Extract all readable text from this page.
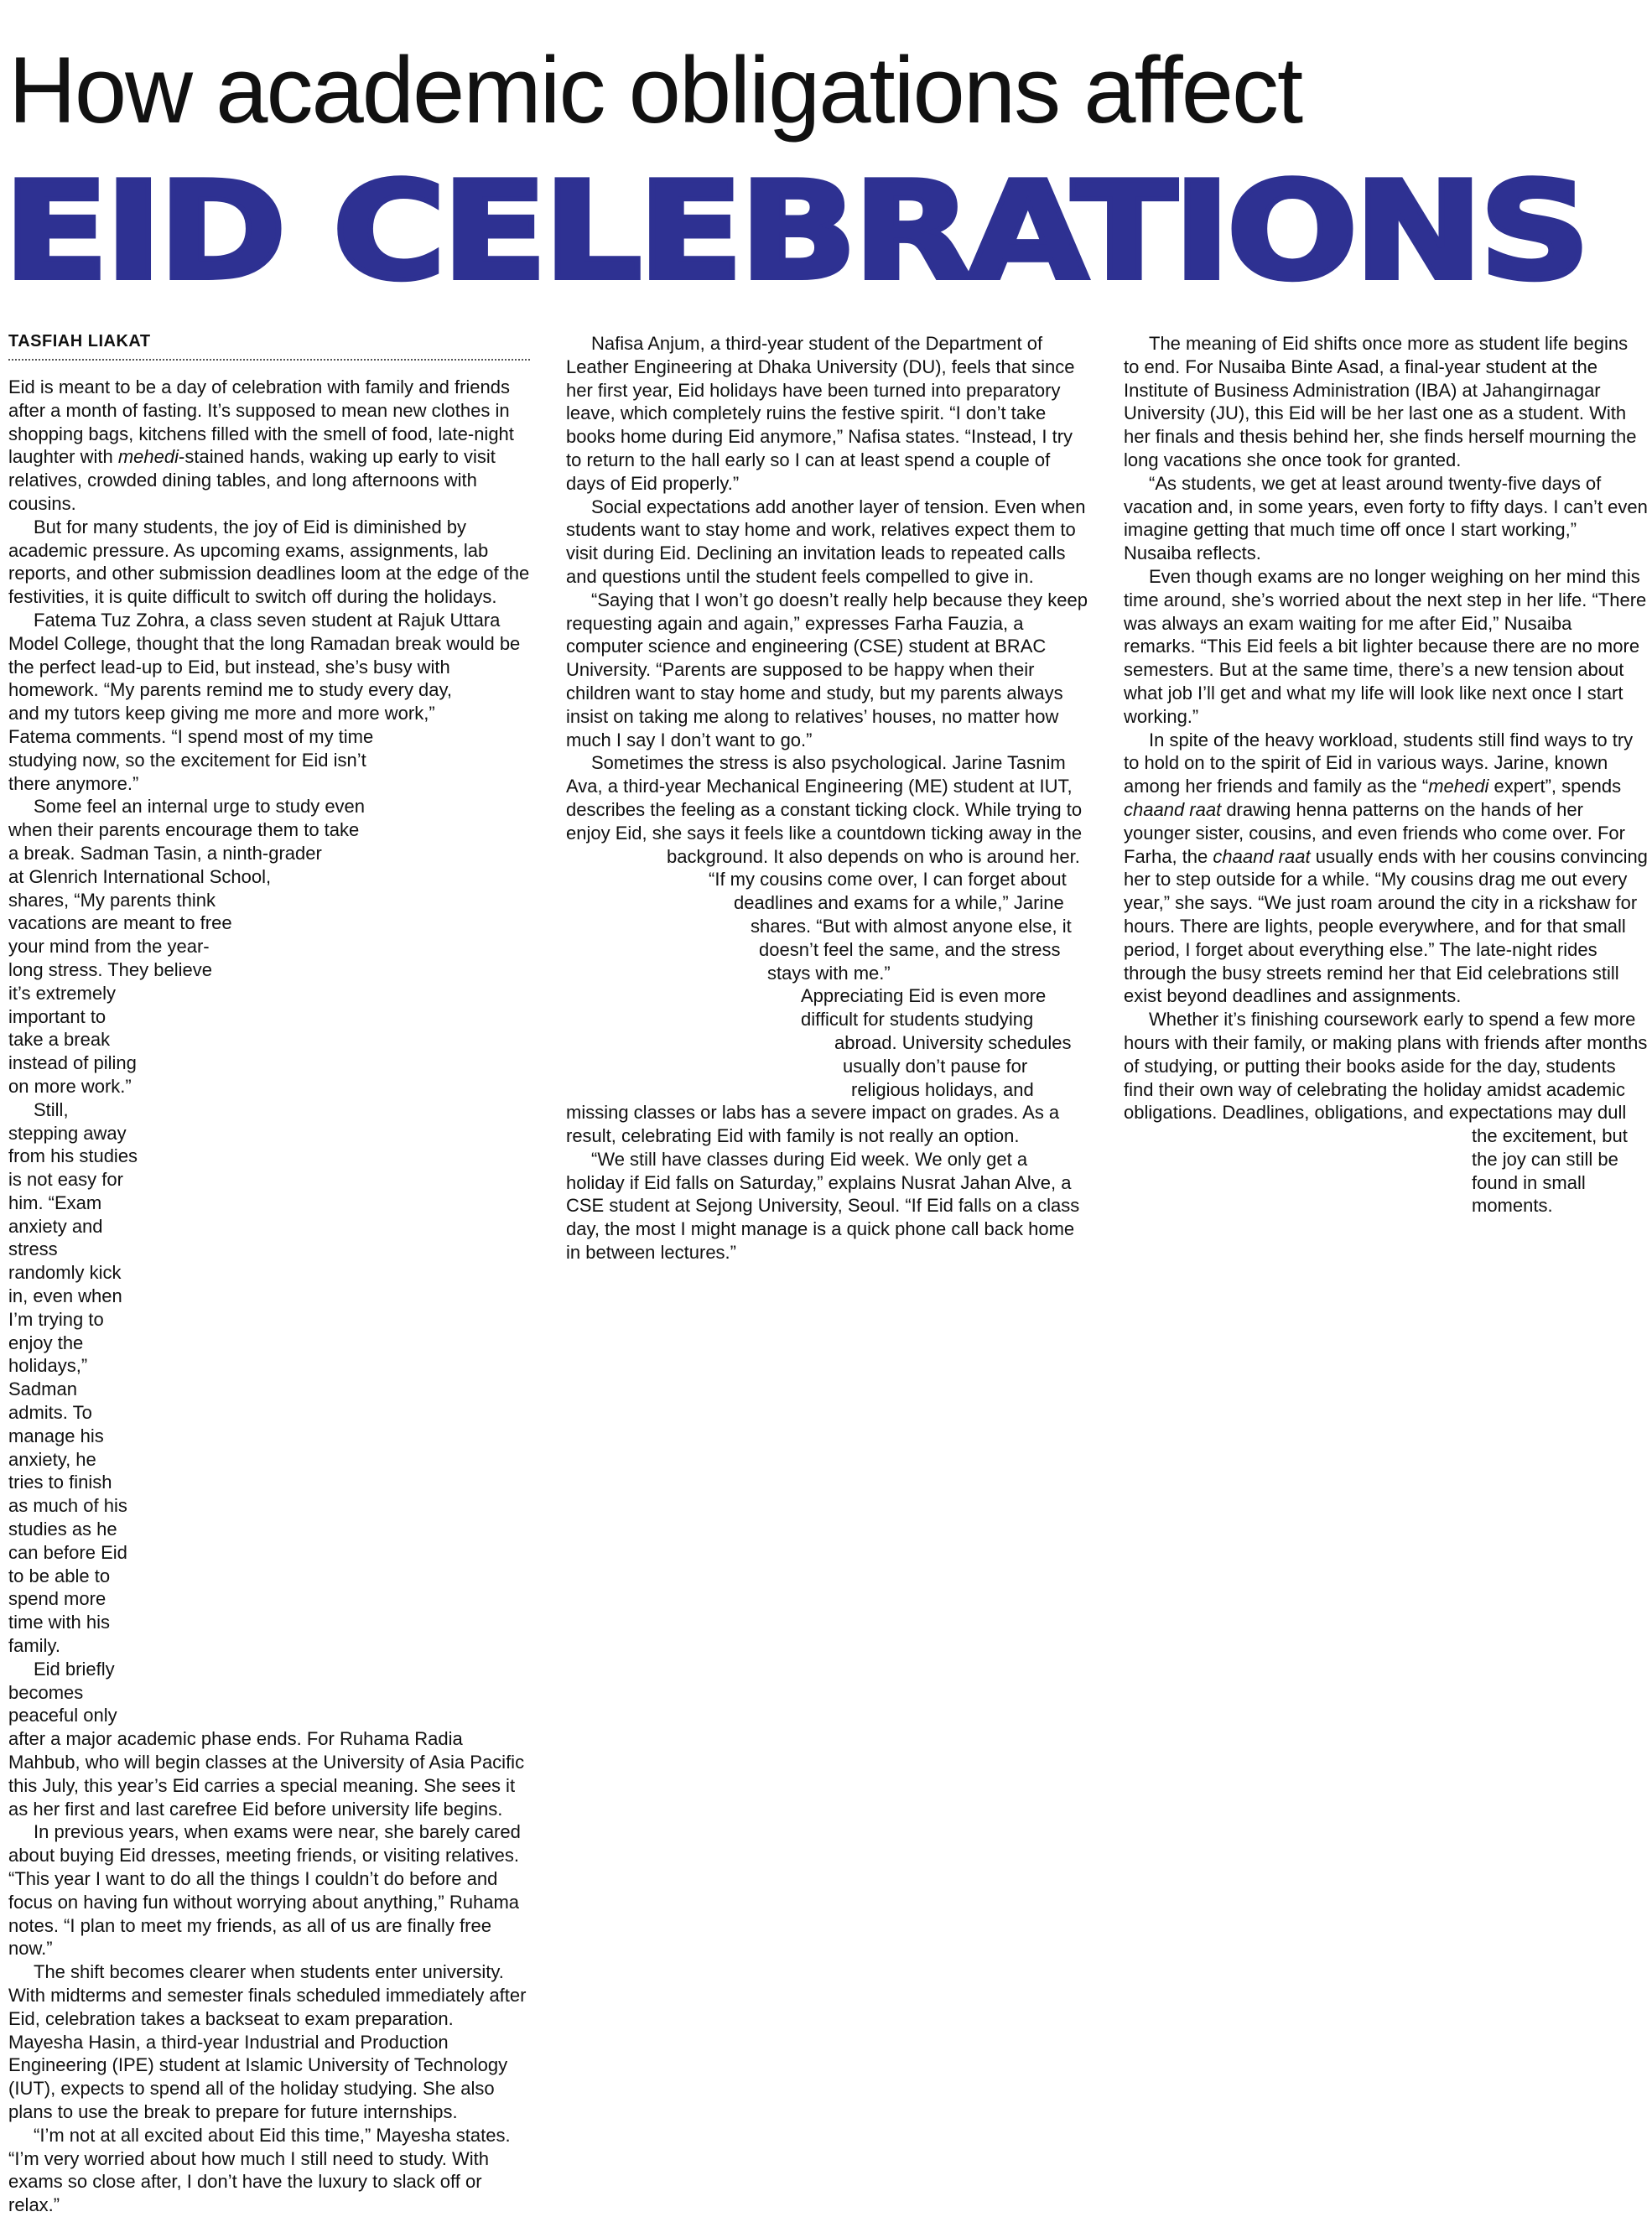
How academic obligations affect
EID CELEBRATIONS
TASFIAH LIAKAT

Eid is meant to be a day of celebration with family and friends after a month of fasting. It’s supposed to mean new clothes in shopping bags, kitchens filled with the smell of food, late-night laughter with mehedi-stained hands, waking up early to visit relatives, crowded dining tables, and long afternoons with cousins.

But for many students, the joy of Eid is diminished by academic pressure. As upcoming exams, assignments, lab reports, and other submission deadlines loom at the edge of the festivities, it is quite difficult to switch off during the holidays.

Fatema Tuz Zohra, a class seven student at Rajuk Uttara Model College, thought that the long Ramadan break would be the perfect lead-up to Eid, but instead, she’s busy with homework. “My parents remind me to study every day, and my tutors keep giving me more and more work,” Fatema comments. “I spend most of my time studying now, so the excitement for Eid isn’t there anymore.”

Some feel an internal urge to study even when their parents encourage them to take a break. Sadman Tasin, a ninth-grader at Glenrich International School, shares, “My parents think vacations are meant to free your mind from the year-long stress. They believe it’s extremely important to take a break instead of piling on more work.”

Still, stepping away from his studies is not easy for him. “Exam anxiety and stress randomly kick in, even when I’m trying to enjoy the holidays,” Sadman admits. To manage his anxiety, he tries to finish as much of his studies as he can before Eid to be able to spend more time with his family.

Eid briefly becomes peaceful only after a major academic phase ends. For Ruhama Radia Mahbub, who will begin classes at the University of Asia Pacific this July, this year’s Eid carries a special meaning. She sees it as her first and last carefree Eid before university life begins.

In previous years, when exams were near, she barely cared about buying Eid dresses, meeting friends, or visiting relatives. “This year I want to do all the things I couldn’t do before and focus on having fun without worrying about anything,” Ruhama notes. “I plan to meet my friends, as all of us are finally free now.”

The shift becomes clearer when students enter university. With midterms and semester finals scheduled immediately after Eid, celebration takes a backseat to exam preparation. Mayesha Hasin, a third-year Industrial and Production Engineering (IPE) student at Islamic University of Technology (IUT), expects to spend all of the holiday studying. She also plans to use the break to prepare for future internships.

“I’m not at all excited about Eid this time,” Mayesha states. “I’m very worried about how much I still need to study. With exams so close after, I don’t have the luxury to slack off or relax.”

Nafisa Anjum, a third-year student of the Department of Leather Engineering at Dhaka University (DU), feels that since her first year, Eid holidays have been turned into preparatory leave, which completely ruins the festive spirit. “I don’t take books home during Eid anymore,” Nafisa states. “Instead, I try to return to the hall early so I can at least spend a couple of days of Eid properly.”

Social expectations add another layer of tension. Even when students want to stay home and work, relatives expect them to visit during Eid. Declining an invitation leads to repeated calls and questions until the student feels compelled to give in.

“Saying that I won’t go doesn’t really help because they keep requesting again and again,” expresses Farha Fauzia, a computer science and engineering (CSE) student at BRAC University. “Parents are supposed to be happy when their children want to stay home and study, but my parents always insist on taking me along to relatives’ houses, no matter how much I say I don’t want to go.”

Sometimes the stress is also psychological. Jarine Tasnim Ava, a third-year Mechanical Engineering (ME) student at IUT, describes the feeling as a constant ticking clock. While trying to enjoy Eid, she says it feels like a countdown ticking away in the background. It also depends on who is around her. “If my cousins come over, I can forget about deadlines and exams for a while,” Jarine shares. “But with almost anyone else, it doesn’t feel the same, and the stress stays with me.”

Appreciating Eid is even more difficult for students studying abroad. University schedules usually don’t pause for religious holidays, and missing classes or labs has a severe impact on grades. As a result, celebrating Eid with family is not really an option.

“We still have classes during Eid week. We only get a holiday if Eid falls on Saturday,” explains Nusrat Jahan Alve, a CSE student at Sejong University, Seoul. “If Eid falls on a class day, the most I might manage is a quick phone call back home in between lectures.”

The meaning of Eid shifts once more as student life begins to end. For Nusaiba Binte Asad, a final-year student at the Institute of Business Administration (IBA) at Jahangirnagar University (JU), this Eid will be her last one as a student. With her finals and thesis behind her, she finds herself mourning the long vacations she once took for granted.

“As students, we get at least around twenty-five days of vacation and, in some years, even forty to fifty days. I can’t even imagine getting that much time off once I start working,” Nusaiba reflects.

Even though exams are no longer weighing on her mind this time around, she’s worried about the next step in her life. “There was always an exam waiting for me after Eid,” Nusaiba remarks. “This Eid feels a bit lighter because there are no more semesters. But at the same time, there’s a new tension about what job I’ll get and what my life will look like next once I start working.”

In spite of the heavy workload, students still find ways to try to hold on to the spirit of Eid in various ways. Jarine, known among her friends and family as the “mehedi expert”, spends chaand raat drawing henna patterns on the hands of her younger sister, cousins, and even friends who come over. For Farha, the chaand raat usually ends with her cousins convincing her to step outside for a while. “My cousins drag me out every year,” she says. “We just roam around the city in a rickshaw for hours. There are lights, people everywhere, and for that small period, I forget about everything else.” The late-night rides through the busy streets remind her that Eid celebrations still exist beyond deadlines and assignments.

Whether it’s finishing coursework early to spend a few more hours with their family, or making plans with friends after months of studying, or putting their books aside for the day, students find their own way of celebrating the holiday amidst academic obligations. Deadlines, obligations, and expectations may dull the excitement, but the joy can still be found in small moments.
